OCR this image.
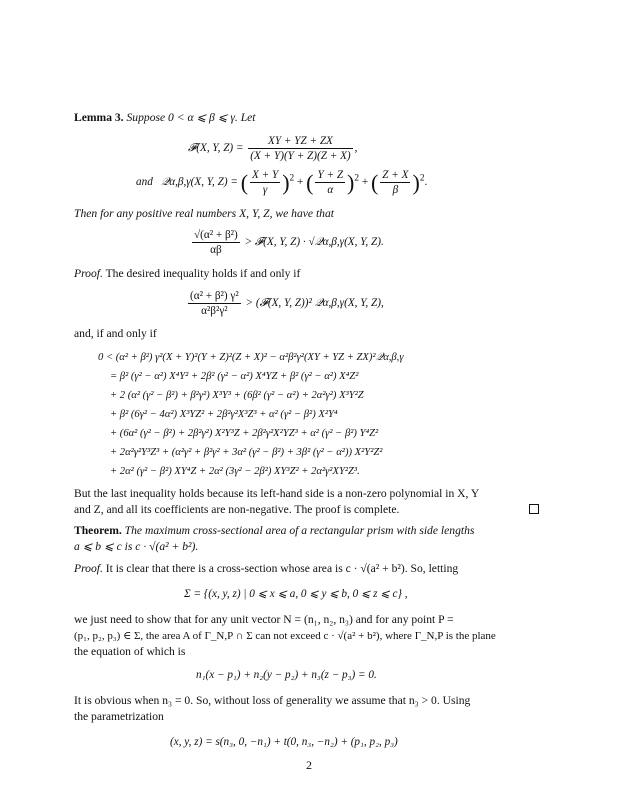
Lemma 3. Suppose 0 < α ⩽ β ⩽ γ. Let
𝓕(X, Y, $Z) = \frac{XY + YZ + ZX}{(X + Y)(Y + Z)(Z + X)}$ ,
and 𝒬α,β,γ(X, Y, Z) = ( $\frac{X + Y}{\gamma} )^2$ + ( $\frac{Y + Z}{\alpha} )^2$ + ( $\frac{Z + X}{\beta} )^2$.
Then for any positive real numbers X, Y, Z, we have that
$\frac{\text{√(α² + β²)}}{\alpha\beta}$ > 𝓕(X, Y, Z) · √𝒬α,β,γ(X, Y, Z).
Proof. The desired inequality holds if and only if
$\frac{\text{(α² + β²) γ²}}{\text{α²β²γ²}}$ > (𝓕(X, Y, Z))² 𝒬α,β,γ(X, Y, Z),
and, if and only if
0 < (α² + β²) γ²(X + Y)²(Y + Z)²(Z + X)² − α²β²γ²(XY + YZ + ZX)²𝒬α,β,γ
= β² (γ² − α²) X⁴Y² + 2β² (γ² − α²) X⁴YZ + β² (γ² − α²) X⁴Z²
+ 2 (α² (γ² − β²) + β²γ²) X³Y³ + (6β² (γ² − α²) + 2α²γ²) X³Y²Z
+ β² (6γ² − 4α²) X³YZ² + 2β²γ²X³Z³ + α² (γ² − β²) X²Y⁴
+ (6α² (γ² − β²) + 2β²γ²) X²Y³Z + 2β²γ²X²YZ³ + α² (γ² − β²) Y⁴Z²
+ 2α²γ²Y³Z³ + (α²γ² + β²γ² + 3α² (γ² − β²) + 3β² (γ² − α²)) X²Y²Z²
+ 2α² (γ² − β²) XY⁴Z + 2α² (3γ² − 2β²) XY³Z² + 2α²γ²XY²Z³.
But the last inequality holds because its left-hand side is a non-zero polynomial in X, Y
and Z, and all its coefficients are non-negative. The proof is complete.
Theorem. The maximum cross-sectional area of a rectangular prism with side lengths
a ⩽ b ⩽ c is c · √(a² + b²).
Proof. It is clear that there is a cross-section whose area is c · √(a² + b²). So, letting
Σ = {(x, y, z) | 0 ⩽ x ⩽ a, 0 ⩽ y ⩽ b, 0 ⩽ z ⩽ c} ,
we just need to show that for any unit vector N = (n₁, n₂, n₃) and for any point P =
(p₁, p₂, p₃) ∈ Σ, the area A of Γ_N,P ∩ Σ can not exceed c · √(a² + b²), where Γ_N,P is the plane
the equation of which is
n₁(x − p₁) + n₂(y − p₂) + n₃(z − p₃) = 0.
It is obvious when n₃ = 0. So, without loss of generality we assume that n₃ > 0. Using
the parametrization
(x, y, z) = s(n₃, 0, −n₁) + t(0, n₃, −n₂) + (p₁, p₂, p₃)
2
